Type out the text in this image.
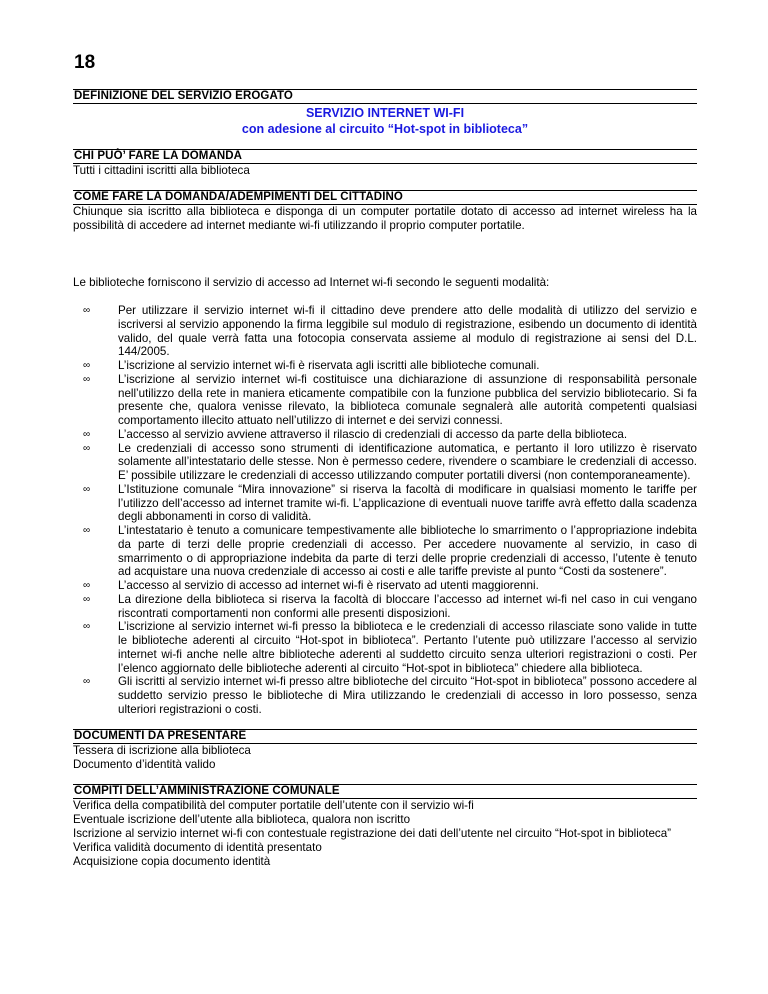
18
DEFINIZIONE DEL SERVIZIO EROGATO
SERVIZIO INTERNET WI-FI
con adesione al circuito “Hot-spot in biblioteca”
CHI PUÒ’ FARE LA DOMANDA
Tutti i cittadini iscritti alla biblioteca
COME FARE LA DOMANDA/ADEMPIMENTI DEL CITTADINO
Chiunque sia iscritto alla biblioteca e disponga di un computer portatile dotato di accesso ad internet wireless ha la possibilità di accedere ad internet mediante wi-fi utilizzando il proprio computer portatile.
Le biblioteche forniscono il servizio di accesso ad Internet wi-fi secondo le seguenti modalità:
∞ Per utilizzare il servizio internet wi-fi il cittadino deve prendere atto delle modalità di utilizzo del servizio e iscriversi al servizio apponendo la firma leggibile sul modulo di registrazione, esibendo un documento di identità valido, del quale verrà fatta una fotocopia conservata assieme al modulo di registrazione ai sensi del D.L. 144/2005.
∞ L’iscrizione al servizio internet wi-fi è riservata agli iscritti alle biblioteche comunali.
∞ L’iscrizione al servizio internet wi-fi costituisce una dichiarazione di assunzione di responsabilità personale nell’utilizzo della rete in maniera eticamente compatibile con la funzione pubblica del servizio bibliotecario. Si fa presente che, qualora venisse rilevato, la biblioteca comunale segnalerà alle autorità competenti qualsiasi comportamento illecito attuato nell’utilizzo di internet e dei servizi connessi.
∞ L’accesso al servizio avviene attraverso il rilascio di credenziali di accesso da parte della biblioteca.
∞ Le credenziali di accesso sono strumenti di identificazione automatica, e pertanto il loro utilizzo è riservato solamente all’intestatario delle stesse. Non è permesso cedere, rivendere o scambiare le credenziali di accesso. E’ possibile utilizzare le credenziali di accesso utilizzando computer portatili diversi (non contemporaneamente).
∞ L’Istituzione comunale “Mira innovazione” si riserva la facoltà di modificare in qualsiasi momento le tariffe per l’utilizzo dell’accesso ad internet tramite wi-fi. L’applicazione di eventuali nuove tariffe avrà effetto dalla scadenza degli abbonamenti in corso di validità.
∞ L’intestatario è tenuto a comunicare tempestivamente alle biblioteche lo smarrimento o l’appropriazione indebita da parte di terzi delle proprie credenziali di accesso. Per accedere nuovamente al servizio, in caso di smarrimento o di appropriazione indebita da parte di terzi delle proprie credenziali di accesso, l’utente è tenuto ad acquistare una nuova credenziale di accesso ai costi e alle tariffe previste al punto “Costi da sostenere”.
∞ L’accesso al servizio di accesso ad internet wi-fi è riservato ad utenti maggiorenni.
∞ La direzione della biblioteca si riserva la facoltà di bloccare l’accesso ad internet wi-fi nel caso in cui vengano riscontrati comportamenti non conformi alle presenti disposizioni.
∞ L’iscrizione al servizio internet wi-fi presso la biblioteca e le credenziali di accesso rilasciate sono valide in tutte le biblioteche aderenti al circuito “Hot-spot in biblioteca”. Pertanto l’utente può utilizzare l’accesso al servizio internet wi-fi anche nelle altre biblioteche aderenti al suddetto circuito senza ulteriori registrazioni o costi. Per l’elenco aggiornato delle biblioteche aderenti al circuito “Hot-spot in biblioteca” chiedere alla biblioteca.
∞ Gli iscritti al servizio internet wi-fi presso altre biblioteche del circuito “Hot-spot in biblioteca” possono accedere al suddetto servizio presso le biblioteche di Mira utilizzando le credenziali di accesso in loro possesso, senza ulteriori registrazioni o costi.
DOCUMENTI DA PRESENTARE
Tessera di iscrizione alla biblioteca
Documento d’identità valido
COMPITI DELL’AMMINISTRAZIONE COMUNALE
Verifica della compatibilità del computer portatile dell’utente con il servizio wi-fi
Eventuale iscrizione dell’utente alla biblioteca, qualora non iscritto
Iscrizione al servizio internet wi-fi con contestuale registrazione dei dati dell’utente nel circuito “Hot-spot in biblioteca”
Verifica validità documento di identità presentato
Acquisizione copia documento identità
